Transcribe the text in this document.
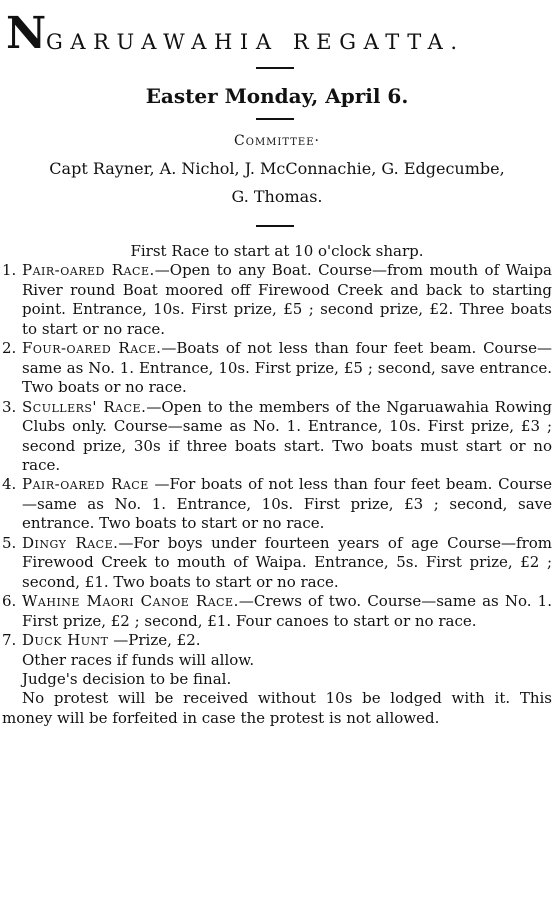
N GARUAWAHIA REGATTA.
Easter Monday, April 6.
Committee·
Capt Rayner, A. Nichol, J. McConnachie, G. Edgecumbe,
G. Thomas.

First Race to start at 10 o'clock sharp.

1. Pair-oared Race.—Open to any Boat. Course—from mouth of Waipa River round Boat moored off Firewood Creek and back to starting point. Entrance, 10s. First prize, £5 ; second prize, £2. Three boats to start or no race.

2. Four-oared Race.—Boats of not less than four feet beam. Course—same as No. 1. Entrance, 10s. First prize, £5 ; second, save entrance. Two boats or no race.

3. Scullers' Race.—Open to the members of the Ngaruawahia Rowing Clubs only. Course—same as No. 1. Entrance, 10s. First prize, £3 ; second prize, 30s if three boats start. Two boats must start or no race.

4. Pair-oared Race —For boats of not less than four feet beam. Course—same as No. 1. Entrance, 10s. First prize, £3 ; second, save entrance. Two boats to start or no race.

5. Dingy Race.—For boys under fourteen years of age Course—from Firewood Creek to mouth of Waipa. Entrance, 5s. First prize, £2 ; second, £1. Two boats to start or no race.

6. Wahine Maori Canoe Race.—Crews of two. Course—same as No. 1. First prize, £2 ; second, £1. Four canoes to start or no race.

7. Duck Hunt —Prize, £2.

Other races if funds will allow.

Judge's decision to be final.

No protest will be received without 10s be lodged with it. This money will be forfeited in case the protest is not allowed.
